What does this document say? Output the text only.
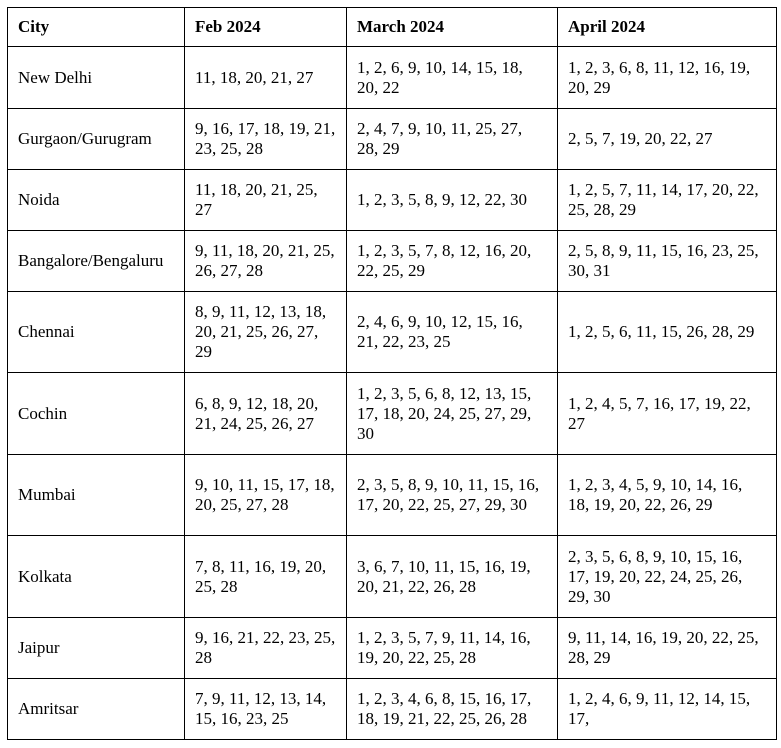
City	Feb 2024	March 2024	April 2024
New Delhi	11, 18, 20, 21, 27	1, 2, 6, 9, 10, 14, 15, 18, 20, 22	1, 2, 3, 6, 8, 11, 12, 16, 19, 20, 29
Gurgaon/Gurugram	9, 16, 17, 18, 19, 21, 23, 25, 28	2, 4, 7, 9, 10, 11, 25, 27, 28, 29	2, 5, 7, 19, 20, 22, 27
Noida	11, 18, 20, 21, 25, 27	1, 2, 3, 5, 8, 9, 12, 22, 30	1, 2, 5, 7, 11, 14, 17, 20, 22, 25, 28, 29
Bangalore/Bengaluru	9, 11, 18, 20, 21, 25, 26, 27, 28	1, 2, 3, 5, 7, 8, 12, 16, 20, 22, 25, 29	2, 5, 8, 9, 11, 15, 16, 23, 25, 30, 31
Chennai	8, 9, 11, 12, 13, 18, 20, 21, 25, 26, 27, 29	2, 4, 6, 9, 10, 12, 15, 16, 21, 22, 23, 25	1, 2, 5, 6, 11, 15, 26, 28, 29
Cochin	6, 8, 9, 12, 18, 20, 21, 24, 25, 26, 27	1, 2, 3, 5, 6, 8, 12, 13, 15, 17, 18, 20, 24, 25, 27, 29, 30	1, 2, 4, 5, 7, 16, 17, 19, 22, 27
Mumbai	9, 10, 11, 15, 17, 18, 20, 25, 27, 28	2, 3, 5, 8, 9, 10, 11, 15, 16, 17, 20, 22, 25, 27, 29, 30	1, 2, 3, 4, 5, 9, 10, 14, 16, 18, 19, 20, 22, 26, 29
Kolkata	7, 8, 11, 16, 19, 20, 25, 28	3, 6, 7, 10, 11, 15, 16, 19, 20, 21, 22, 26, 28	2, 3, 5, 6, 8, 9, 10, 15, 16, 17, 19, 20, 22, 24, 25, 26, 29, 30
Jaipur	9, 16, 21, 22, 23, 25, 28	1, 2, 3, 5, 7, 9, 11, 14, 16, 19, 20, 22, 25, 28	9, 11, 14, 16, 19, 20, 22, 25, 28, 29
Amritsar	7, 9, 11, 12, 13, 14, 15, 16, 23, 25	1, 2, 3, 4, 6, 8, 15, 16, 17, 18, 19, 21, 22, 25, 26, 28	1, 2, 4, 6, 9, 11, 12, 14, 15, 17,
